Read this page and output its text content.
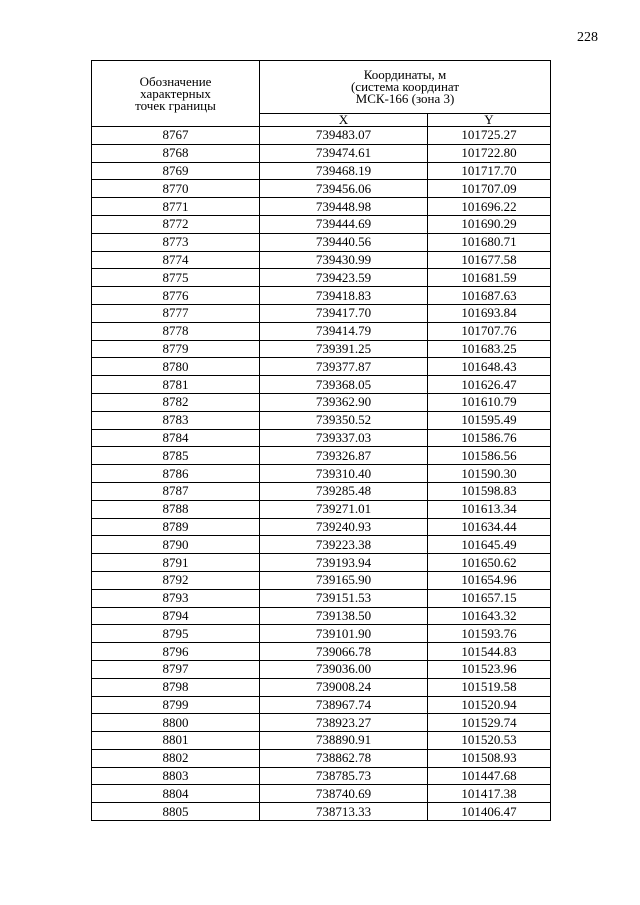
228
Обозначение
характерных
точек границы	Координаты, м
(система координат
МСК-166 (зона 3)	

	X	Y
8767	739483.07	101725.27
8768	739474.61	101722.80
8769	739468.19	101717.70
8770	739456.06	101707.09
8771	739448.98	101696.22
8772	739444.69	101690.29
8773	739440.56	101680.71
8774	739430.99	101677.58
8775	739423.59	101681.59
8776	739418.83	101687.63
8777	739417.70	101693.84
8778	739414.79	101707.76
8779	739391.25	101683.25
8780	739377.87	101648.43
8781	739368.05	101626.47
8782	739362.90	101610.79
8783	739350.52	101595.49
8784	739337.03	101586.76
8785	739326.87	101586.56
8786	739310.40	101590.30
8787	739285.48	101598.83
8788	739271.01	101613.34
8789	739240.93	101634.44
8790	739223.38	101645.49
8791	739193.94	101650.62
8792	739165.90	101654.96
8793	739151.53	101657.15
8794	739138.50	101643.32
8795	739101.90	101593.76
8796	739066.78	101544.83
8797	739036.00	101523.96
8798	739008.24	101519.58
8799	738967.74	101520.94
8800	738923.27	101529.74
8801	738890.91	101520.53
8802	738862.78	101508.93
8803	738785.73	101447.68
8804	738740.69	101417.38
8805	738713.33	101406.47
